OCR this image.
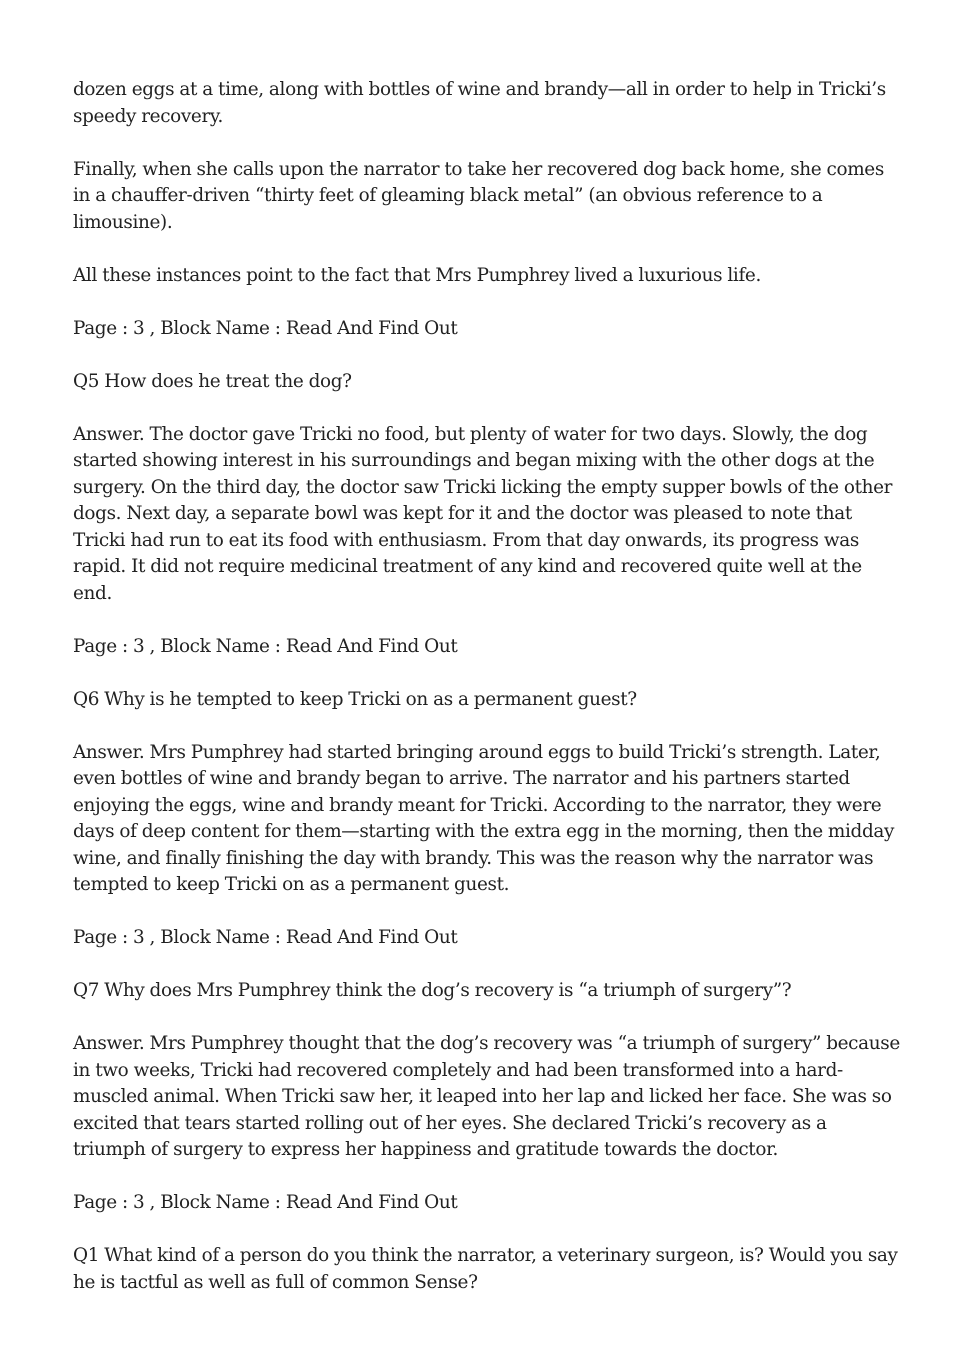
dozen eggs at a time, along with bottles of wine and brandy—all in order to help in Tricki’s speedy recovery.

Finally, when she calls upon the narrator to take her recovered dog back home, she comes in a chauffer-driven “thirty feet of gleaming black metal” (an obvious reference to a limousine).

All these instances point to the fact that Mrs Pumphrey lived a luxurious life.

Page : 3 , Block Name : Read And Find Out

Q5 How does he treat the dog?

Answer. The doctor gave Tricki no food, but plenty of water for two days. Slowly, the dog started showing interest in his surroundings and began mixing with the other dogs at the surgery. On the third day, the doctor saw Tricki licking the empty supper bowls of the other dogs. Next day, a separate bowl was kept for it and the doctor was pleased to note that Tricki had run to eat its food with enthusiasm. From that day onwards, its progress was rapid. It did not require medicinal treatment of any kind and recovered quite well at the end.

Page : 3 , Block Name : Read And Find Out

Q6 Why is he tempted to keep Tricki on as a permanent guest?

Answer. Mrs Pumphrey had started bringing around eggs to build Tricki’s strength. Later, even bottles of wine and brandy began to arrive. The narrator and his partners started enjoying the eggs, wine and brandy meant for Tricki. According to the narrator, they were days of deep content for them—starting with the extra egg in the morning, then the midday wine, and finally finishing the day with brandy. This was the reason why the narrator was tempted to keep Tricki on as a permanent guest.

Page : 3 , Block Name : Read And Find Out

Q7 Why does Mrs Pumphrey think the dog’s recovery is “a triumph of surgery”?

Answer. Mrs Pumphrey thought that the dog’s recovery was “a triumph of surgery” because in two weeks, Tricki had recovered completely and had been transformed into a hard-muscled animal. When Tricki saw her, it leaped into her lap and licked her face. She was so excited that tears started rolling out of her eyes. She declared Tricki’s recovery as a triumph of surgery to express her happiness and gratitude towards the doctor.

Page : 3 , Block Name : Read And Find Out

Q1 What kind of a person do you think the narrator, a veterinary surgeon, is? Would you say he is tactful as well as full of common Sense?
